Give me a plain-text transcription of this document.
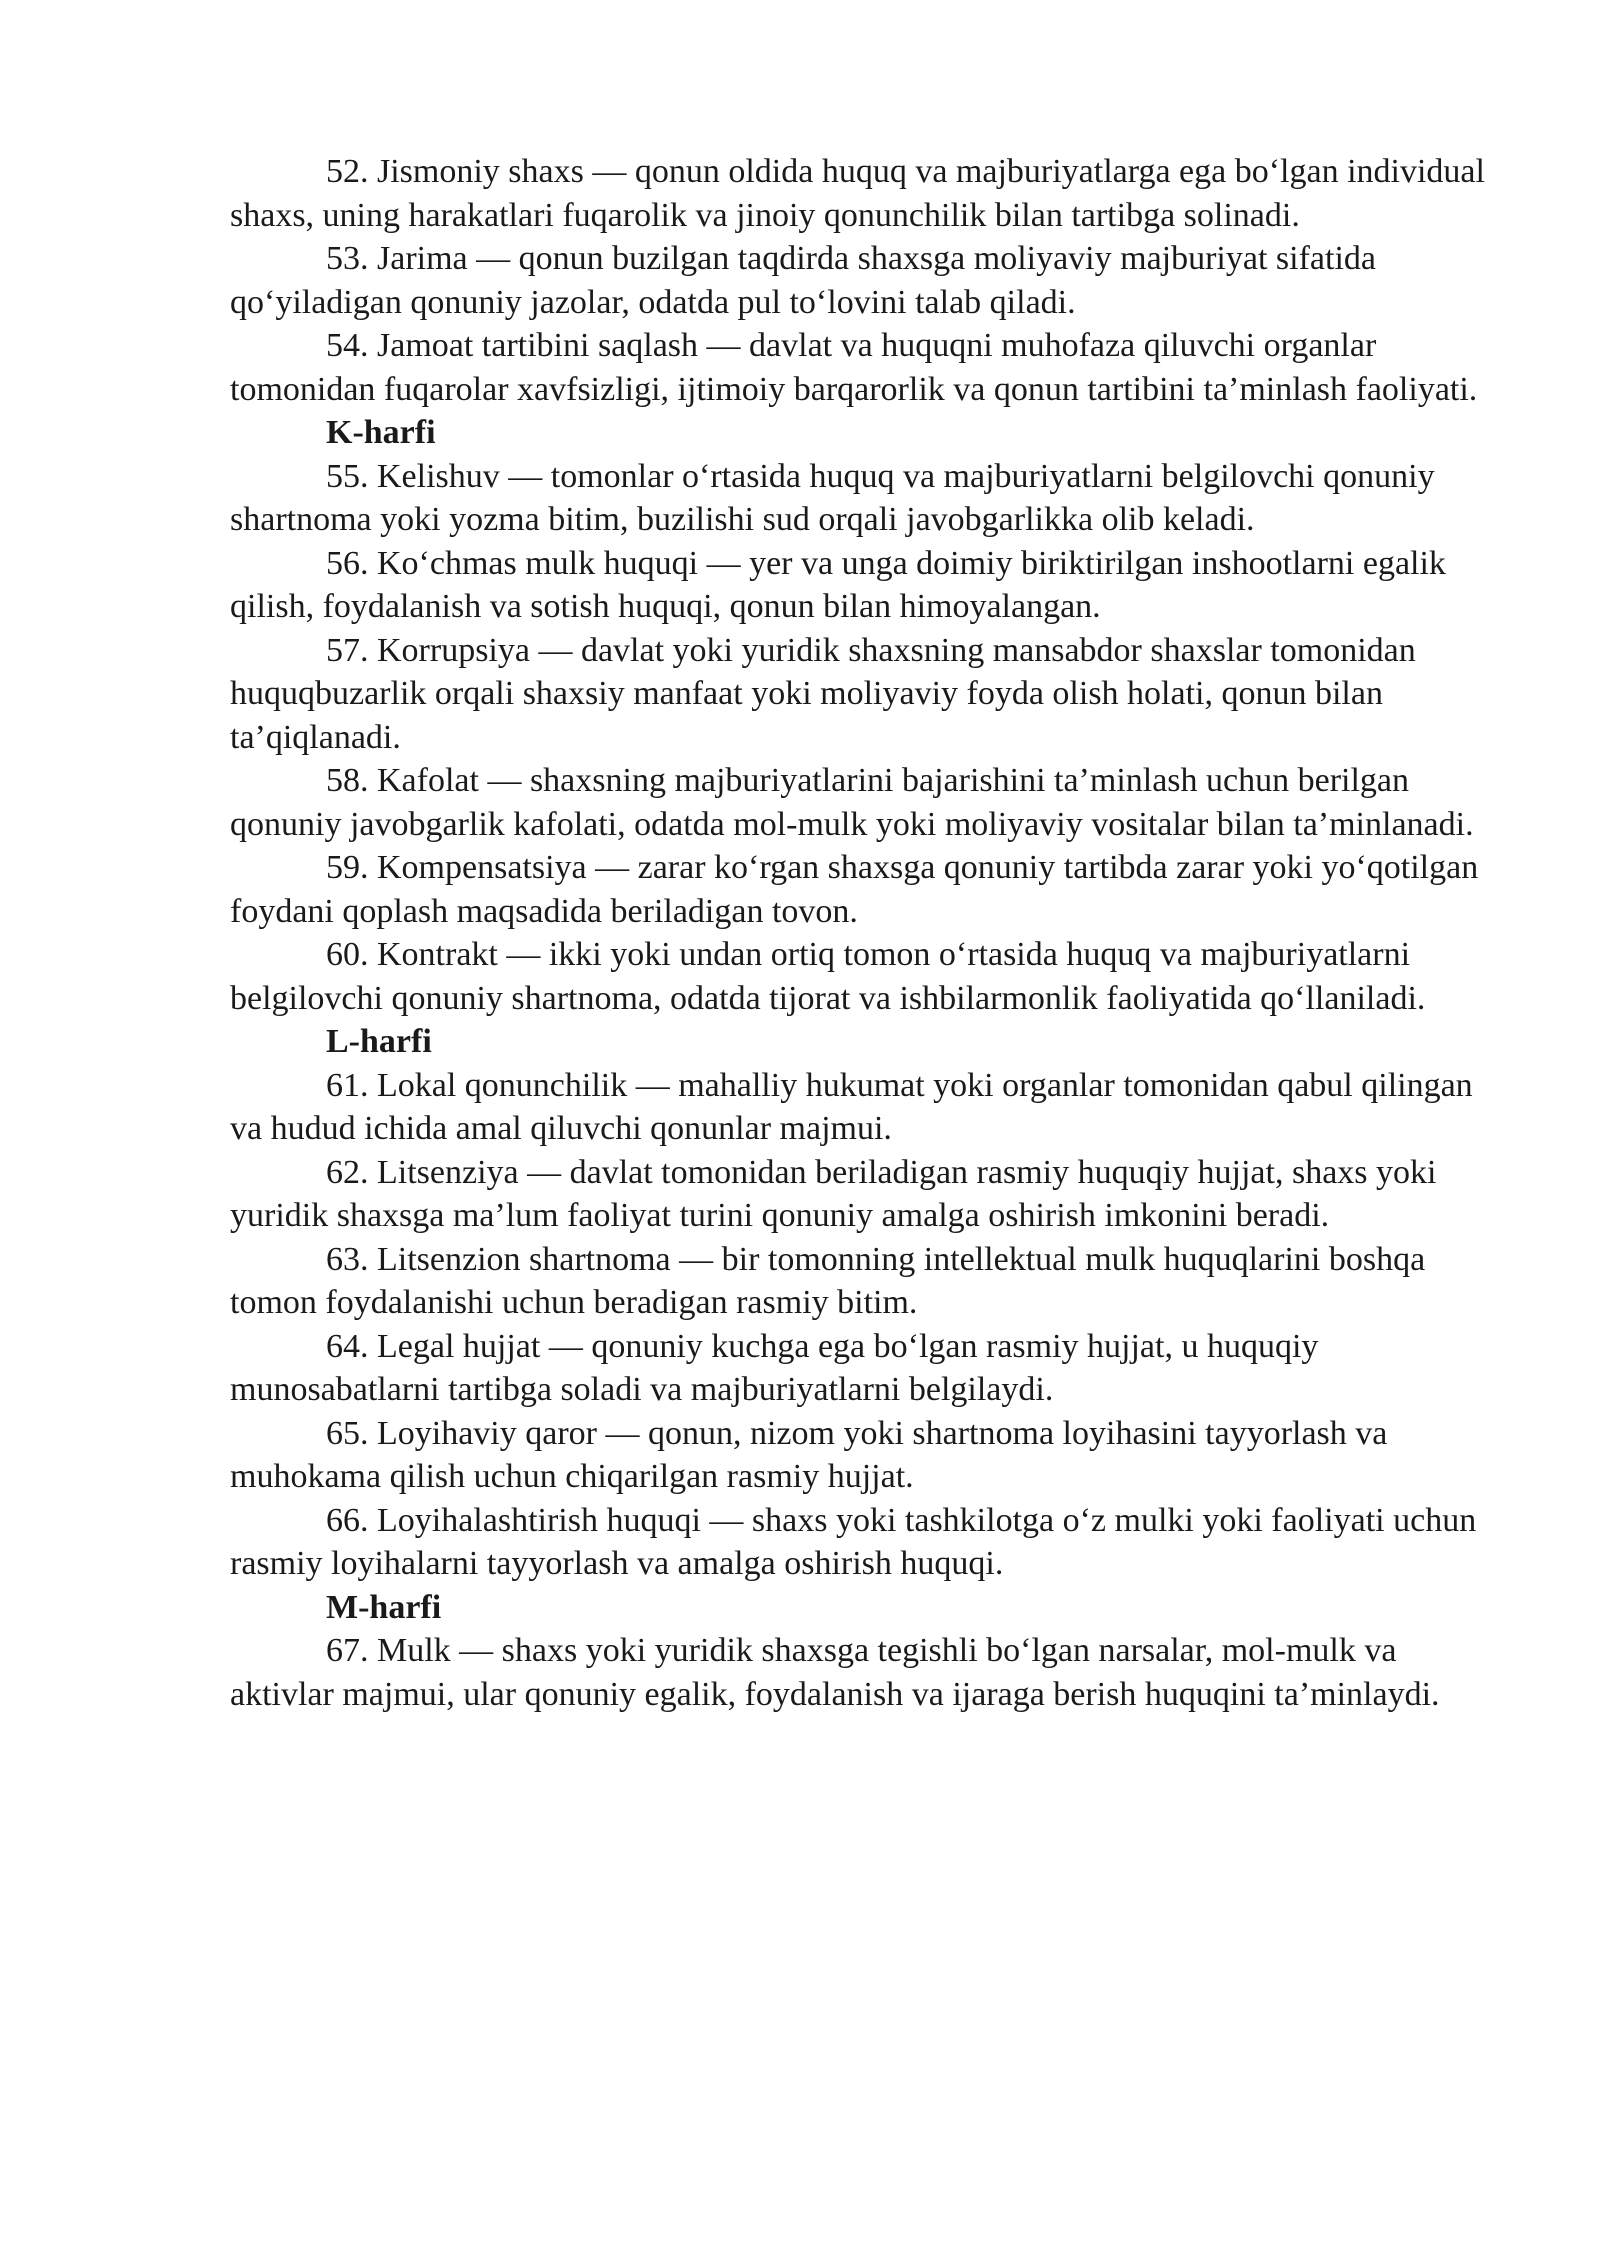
52. Jismoniy shaxs — qonun oldida huquq va majburiyatlarga ega bo‘lgan individual shaxs, uning harakatlari fuqarolik va jinoiy qonunchilik bilan tartibga solinadi.

53. Jarima — qonun buzilgan taqdirda shaxsga moliyaviy majburiyat sifatida qo‘yiladigan qonuniy jazolar, odatda pul to‘lovini talab qiladi.

54. Jamoat tartibini saqlash — davlat va huquqni muhofaza qiluvchi organlar tomonidan fuqarolar xavfsizligi, ijtimoiy barqarorlik va qonun tartibini ta’minlash faoliyati.

K-harfi

55. Kelishuv — tomonlar o‘rtasida huquq va majburiyatlarni belgilovchi qonuniy shartnoma yoki yozma bitim, buzilishi sud orqali javobgarlikka olib keladi.

56. Ko‘chmas mulk huquqi — yer va unga doimiy biriktirilgan inshootlarni egalik qilish, foydalanish va sotish huquqi, qonun bilan himoyalangan.

57. Korrupsiya — davlat yoki yuridik shaxsning mansabdor shaxslar tomonidan huquqbuzarlik orqali shaxsiy manfaat yoki moliyaviy foyda olish holati, qonun bilan ta’qiqlanadi.

58. Kafolat — shaxsning majburiyatlarini bajarishini ta’minlash uchun berilgan qonuniy javobgarlik kafolati, odatda mol-mulk yoki moliyaviy vositalar bilan ta’minlanadi.

59. Kompensatsiya — zarar ko‘rgan shaxsga qonuniy tartibda zarar yoki yo‘qotilgan foydani qoplash maqsadida beriladigan tovon.

60. Kontrakt — ikki yoki undan ortiq tomon o‘rtasida huquq va majburiyatlarni belgilovchi qonuniy shartnoma, odatda tijorat va ishbilarmonlik faoliyatida qo‘llaniladi.

L-harfi

61. Lokal qonunchilik — mahalliy hukumat yoki organlar tomonidan qabul qilingan va hudud ichida amal qiluvchi qonunlar majmui.

62. Litsenziya — davlat tomonidan beriladigan rasmiy huquqiy hujjat, shaxs yoki yuridik shaxsga ma’lum faoliyat turini qonuniy amalga oshirish imkonini beradi.

63. Litsenzion shartnoma — bir tomonning intellektual mulk huquqlarini boshqa tomon foydalanishi uchun beradigan rasmiy bitim.

64. Legal hujjat — qonuniy kuchga ega bo‘lgan rasmiy hujjat, u huquqiy munosabatlarni tartibga soladi va majburiyatlarni belgilaydi.

65. Loyihaviy qaror — qonun, nizom yoki shartnoma loyihasini tayyorlash va muhokama qilish uchun chiqarilgan rasmiy hujjat.

66. Loyihalashtirish huquqi — shaxs yoki tashkilotga o‘z mulki yoki faoliyati uchun rasmiy loyihalarni tayyorlash va amalga oshirish huquqi.

M-harfi

67. Mulk — shaxs yoki yuridik shaxsga tegishli bo‘lgan narsalar, mol-mulk va aktivlar majmui, ular qonuniy egalik, foydalanish va ijaraga berish huquqini ta’minlaydi.
